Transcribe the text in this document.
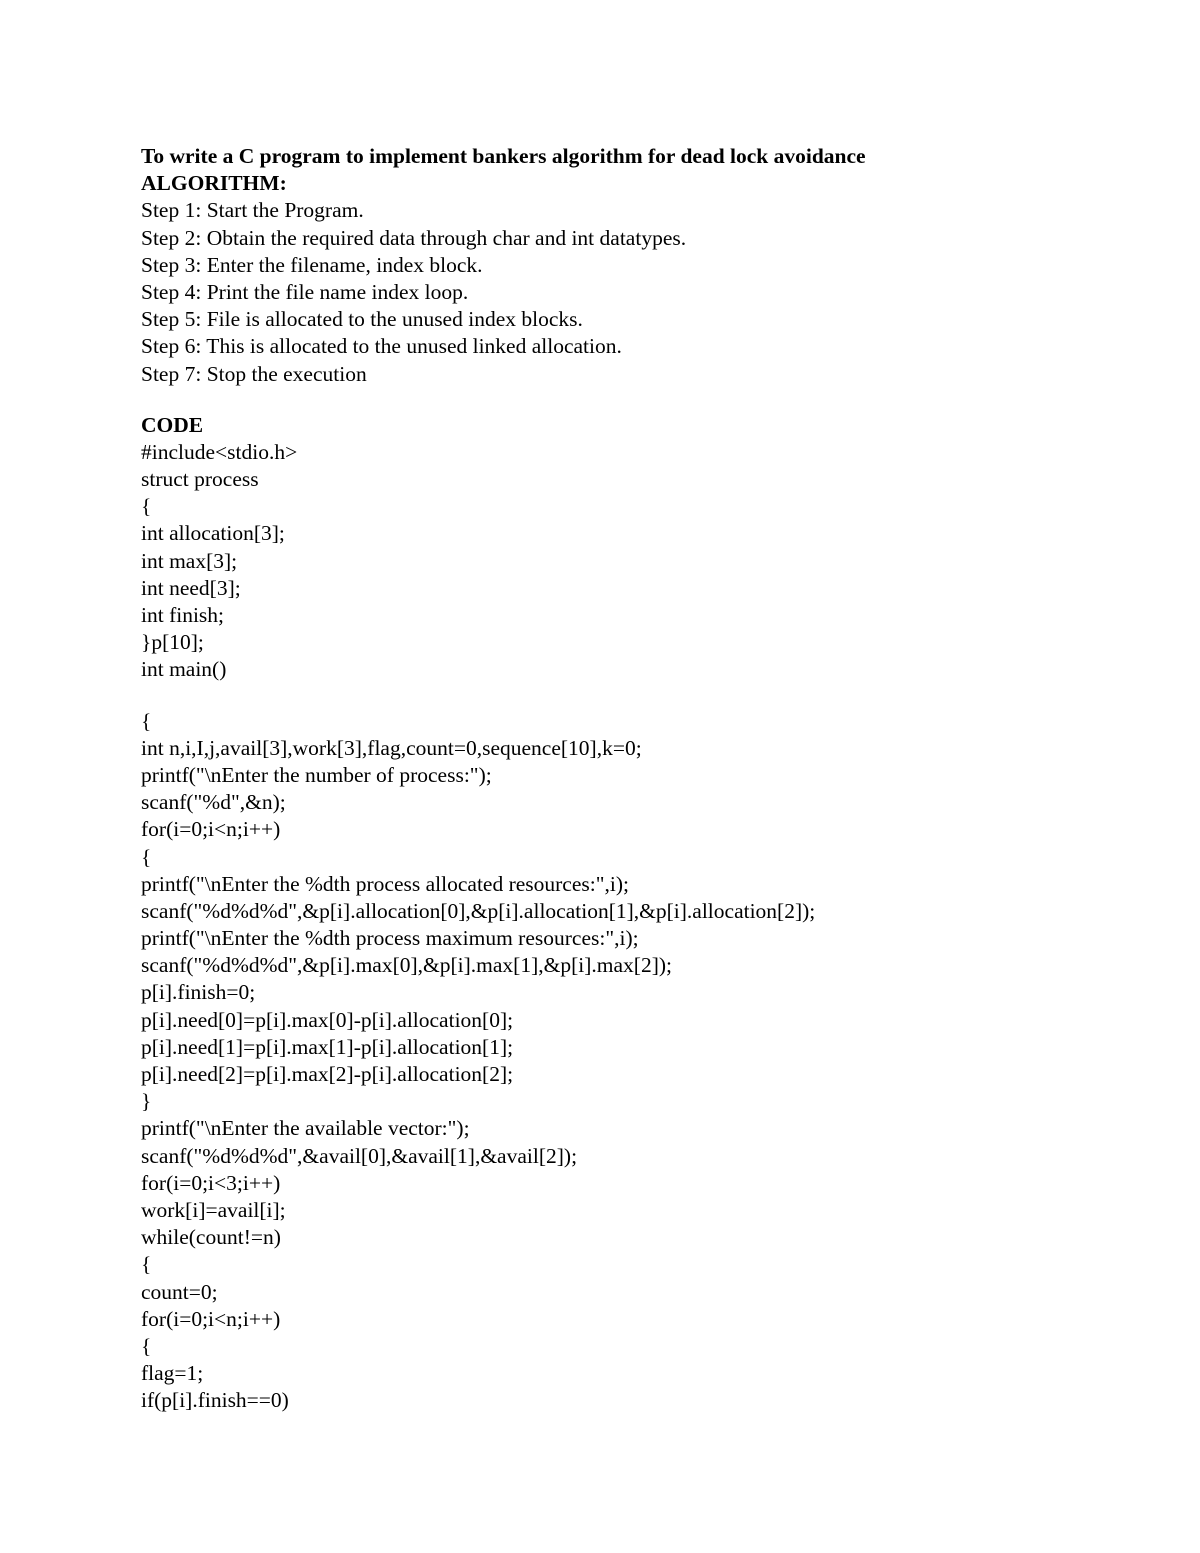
To write a C program to implement bankers algorithm for dead lock avoidance
ALGORITHM:
Step 1: Start the Program.
Step 2: Obtain the required data through char and int datatypes.
Step 3: Enter the filename, index block.
Step 4: Print the file name index loop.
Step 5: File is allocated to the unused index blocks.
Step 6: This is allocated to the unused linked allocation.
Step 7: Stop the execution
CODE
#include<stdio.h>
struct process
{
int allocation[3];
int max[3];
int need[3];
int finish;
}p[10];
int main()
{
int n,i,I,j,avail[3],work[3],flag,count=0,sequence[10],k=0;
printf("\nEnter the number of process:");
scanf("%d",&n);
for(i=0;i<n;i++)
{
printf("\nEnter the %dth process allocated resources:",i);
scanf("%d%d%d",&p[i].allocation[0],&p[i].allocation[1],&p[i].allocation[2]);
printf("\nEnter the %dth process maximum resources:",i);
scanf("%d%d%d",&p[i].max[0],&p[i].max[1],&p[i].max[2]);
p[i].finish=0;
p[i].need[0]=p[i].max[0]-p[i].allocation[0];
p[i].need[1]=p[i].max[1]-p[i].allocation[1];
p[i].need[2]=p[i].max[2]-p[i].allocation[2];
}
printf("\nEnter the available vector:");
scanf("%d%d%d",&avail[0],&avail[1],&avail[2]);
for(i=0;i<3;i++)
work[i]=avail[i];
while(count!=n)
{
count=0;
for(i=0;i<n;i++)
{
flag=1;
if(p[i].finish==0)
